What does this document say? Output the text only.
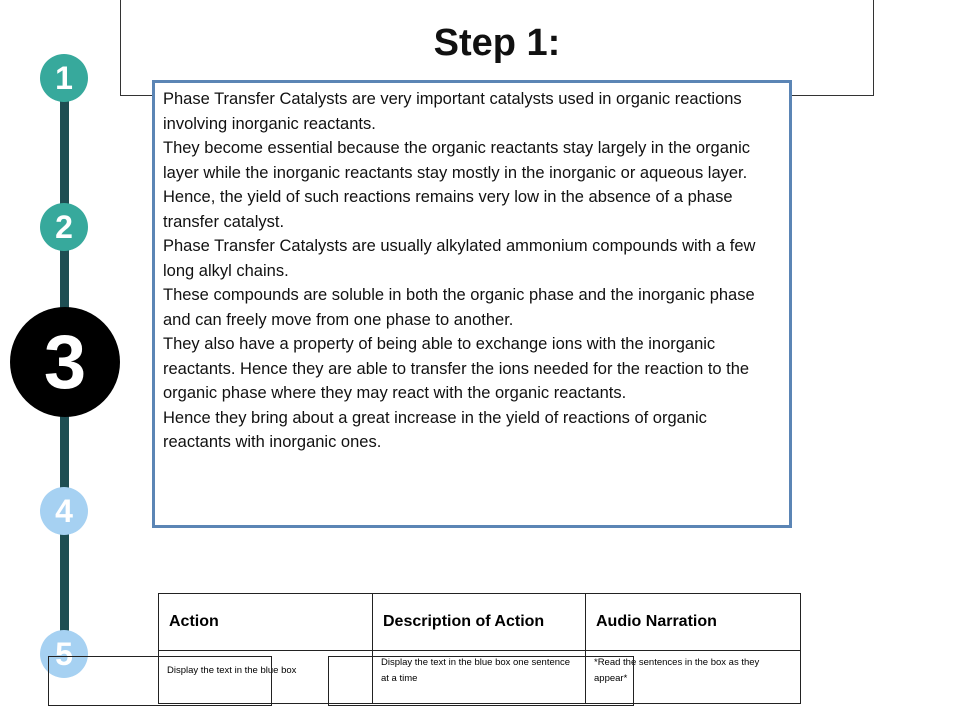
Step 1:
1
2
3
4
5

Phase Transfer Catalysts are very important catalysts used in organic reactions involving inorganic reactants.

They become essential because the organic reactants stay largely in the organic layer while the inorganic reactants stay mostly in the inorganic or aqueous layer.

Hence, the yield of such reactions remains very low in the absence of a phase transfer catalyst.

Phase Transfer Catalysts are usually alkylated ammonium compounds with a few long alkyl chains.

These compounds are soluble in both the organic phase and the inorganic phase and can freely move from one phase to another.

They also have a property of being able to exchange ions with the inorganic reactants. Hence they are able to transfer the ions needed for the reaction to the organic phase where they may react with the organic reactants.

Hence they bring about a great increase in the yield of reactions of organic reactants with inorganic ones.

Action	Description of Action	Audio Narration
Display the text in the blue box	Display the text in the blue box one sentence at a time	*Read the sentences in the box as they appear*
